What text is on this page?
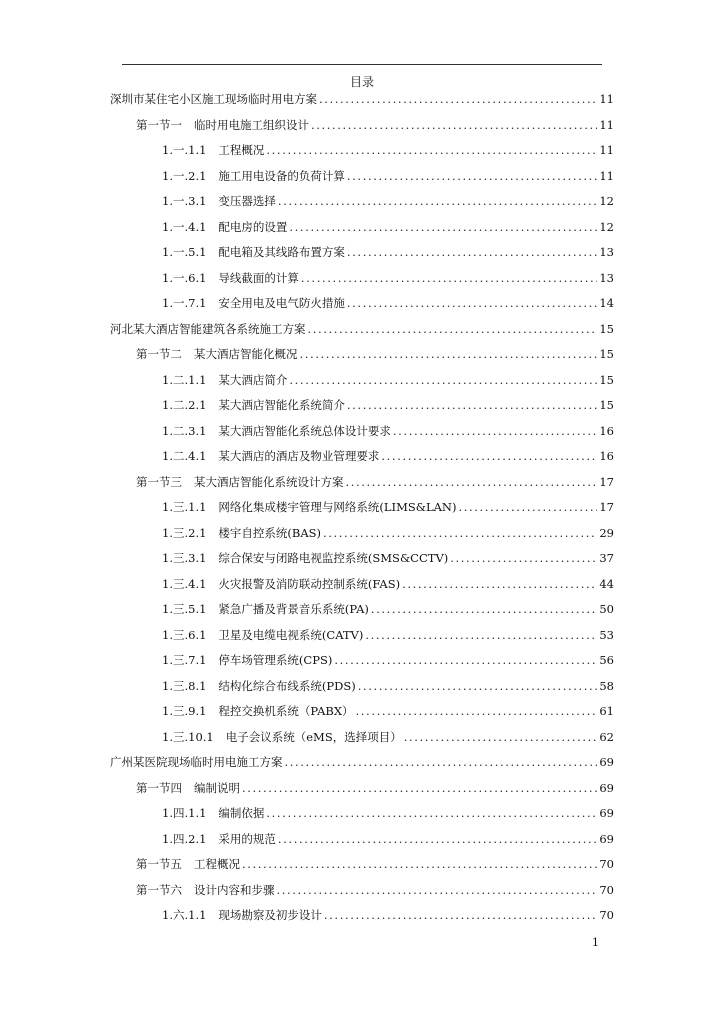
目录
深圳市某住宅小区施工现场临时用电方案 .....	11
第一节一 临时用电施工组织设计 .....	11
1.一.1.1 工程概况 .....	11
1.一.2.1 施工用电设备的负荷计算 .....	11
1.一.3.1 变压器选择 .....	12
1.一.4.1 配电房的设置 .....	12
1.一.5.1 配电箱及其线路布置方案 .....	13
1.一.6.1 导线截面的计算 .....	13
1.一.7.1 安全用电及电气防火措施 .....	14
河北某大酒店智能建筑各系统施工方案 .....	15
第一节二 某大酒店智能化概况 .....	15
1.二.1.1 某大酒店简介 .....	15
1.二.2.1 某大酒店智能化系统简介 .....	15
1.二.3.1 某大酒店智能化系统总体设计要求 .....	16
1.二.4.1 某大酒店的酒店及物业管理要求 .....	16
第一节三 某大酒店智能化系统设计方案 .....	17
1.三.1.1 网络化集成楼宇管理与网络系统(LIMS&LAN) .....	17
1.三.2.1 楼宇自控系统(BAS) .....	29
1.三.3.1 综合保安与闭路电视监控系统(SMS&CCTV) .....	37
1.三.4.1 火灾报警及消防联动控制系统(FAS) .....	44
1.三.5.1 紧急广播及背景音乐系统(PA) .....	50
1.三.6.1 卫星及电缆电视系统(CATV) .....	53
1.三.7.1 停车场管理系统(CPS) .....	56
1.三.8.1 结构化综合布线系统(PDS) .....	58
1.三.9.1 程控交换机系统（PABX） .....	61
1.三.10.1 电子会议系统（eMS，选择项目） .....	62
广州某医院现场临时用电施工方案 .....	69
第一节四 编制说明 .....	69
1.四.1.1 编制依据 .....	69
1.四.2.1 采用的规范 .....	69
第一节五 工程概况 .....	70
第一节六 设计内容和步骤 .....	70
1.六.1.1 现场勘察及初步设计 .....	70
1
